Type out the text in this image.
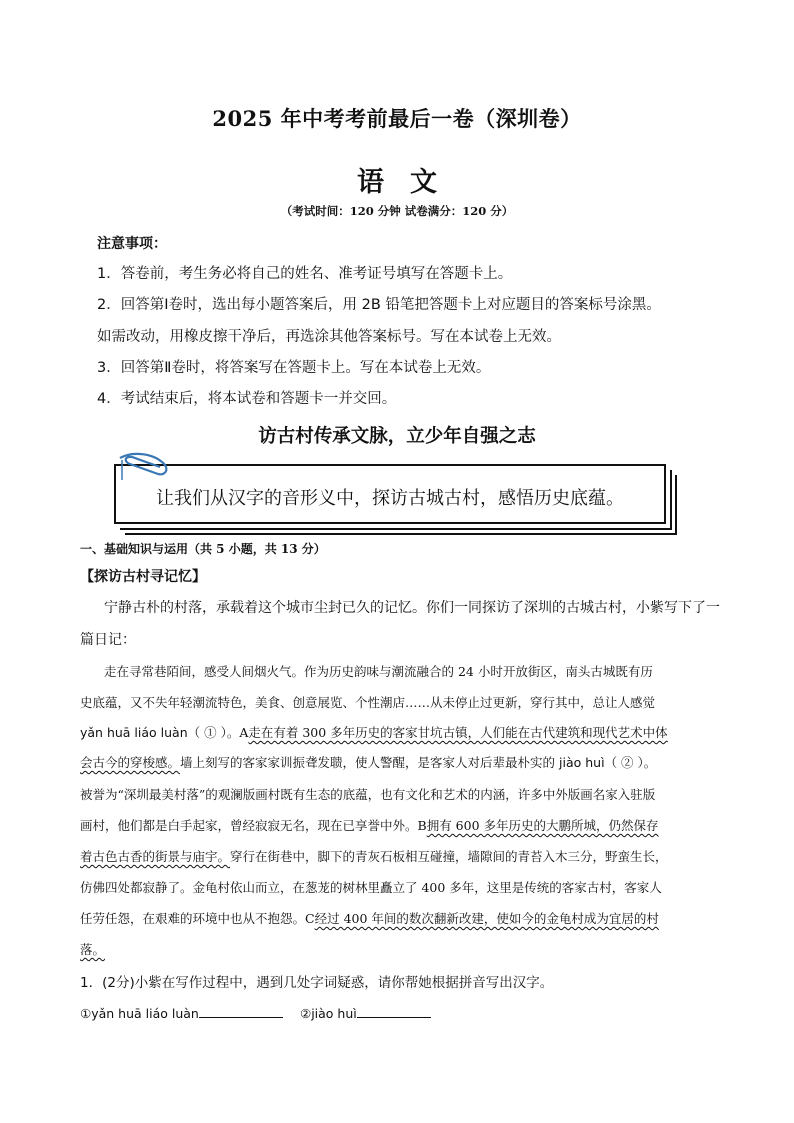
2025 年中考考前最后一卷（深圳卷）
语文
（考试时间：120 分钟 试卷满分：120 分）
注意事项：
1．答卷前，考生务必将自己的姓名、准考证号填写在答题卡上。
2．回答第Ⅰ卷时，选出每小题答案后，用 2B 铅笔把答题卡上对应题目的答案标号涂黑。
如需改动，用橡皮擦干净后，再选涂其他答案标号。写在本试卷上无效。
3．回答第Ⅱ卷时，将答案写在答题卡上。写在本试卷上无效。
4．考试结束后，将本试卷和答题卡一并交回。
访古村传承文脉，立少年自强之志
让我们从汉字的音形义中，探访古城古村，感悟历史底蕴。
一、基础知识与运用（共 5 小题，共 13 分）
【探访古村寻记忆】
宁静古朴的村落，承载着这个城市尘封已久的记忆。你们一同探访了深圳的古城古村，小紫写下了一
篇日记：
走在寻常巷陌间，感受人间烟火气。作为历史韵味与潮流融合的 24 小时开放街区，南头古城既有历
史底蕴，又不失年轻潮流特色，美食、创意展览、个性潮店……从未停止过更新，穿行其中，总让人感觉
yǎn huā liáo luàn（ ① ）。A走在有着 300 多年历史的客家甘坑古镇，人们能在古代建筑和现代艺术中体
会古今的穿梭感。墙上刻写的客家家训振聋发聩，使人警醒，是客家人对后辈最朴实的 jiào huì（ ② ）。
被誉为“深圳最美村落”的观澜版画村既有生态的底蕴，也有文化和艺术的内涵，许多中外版画名家入驻版
画村，他们都是白手起家，曾经寂寂无名，现在已享誉中外。B拥有 600 多年历史的大鹏所城，仍然保存
着古色古香的街景与庙宇。穿行在街巷中，脚下的青灰石板相互碰撞，墙隙间的青苔入木三分，野蛮生长，
仿佛四处都寂静了。金龟村依山而立，在葱茏的树林里矗立了 400 多年，这里是传统的客家古村，客家人
任劳任怨，在艰难的环境中也从不抱怨。C经过 400 年间的数次翻新改建，使如今的金龟村成为宜居的村
落。
1．(2分)小紫在写作过程中，遇到几处字词疑惑，请你帮她根据拼音写出汉字。
①yǎn huā liáo luàn	②jiào huì
